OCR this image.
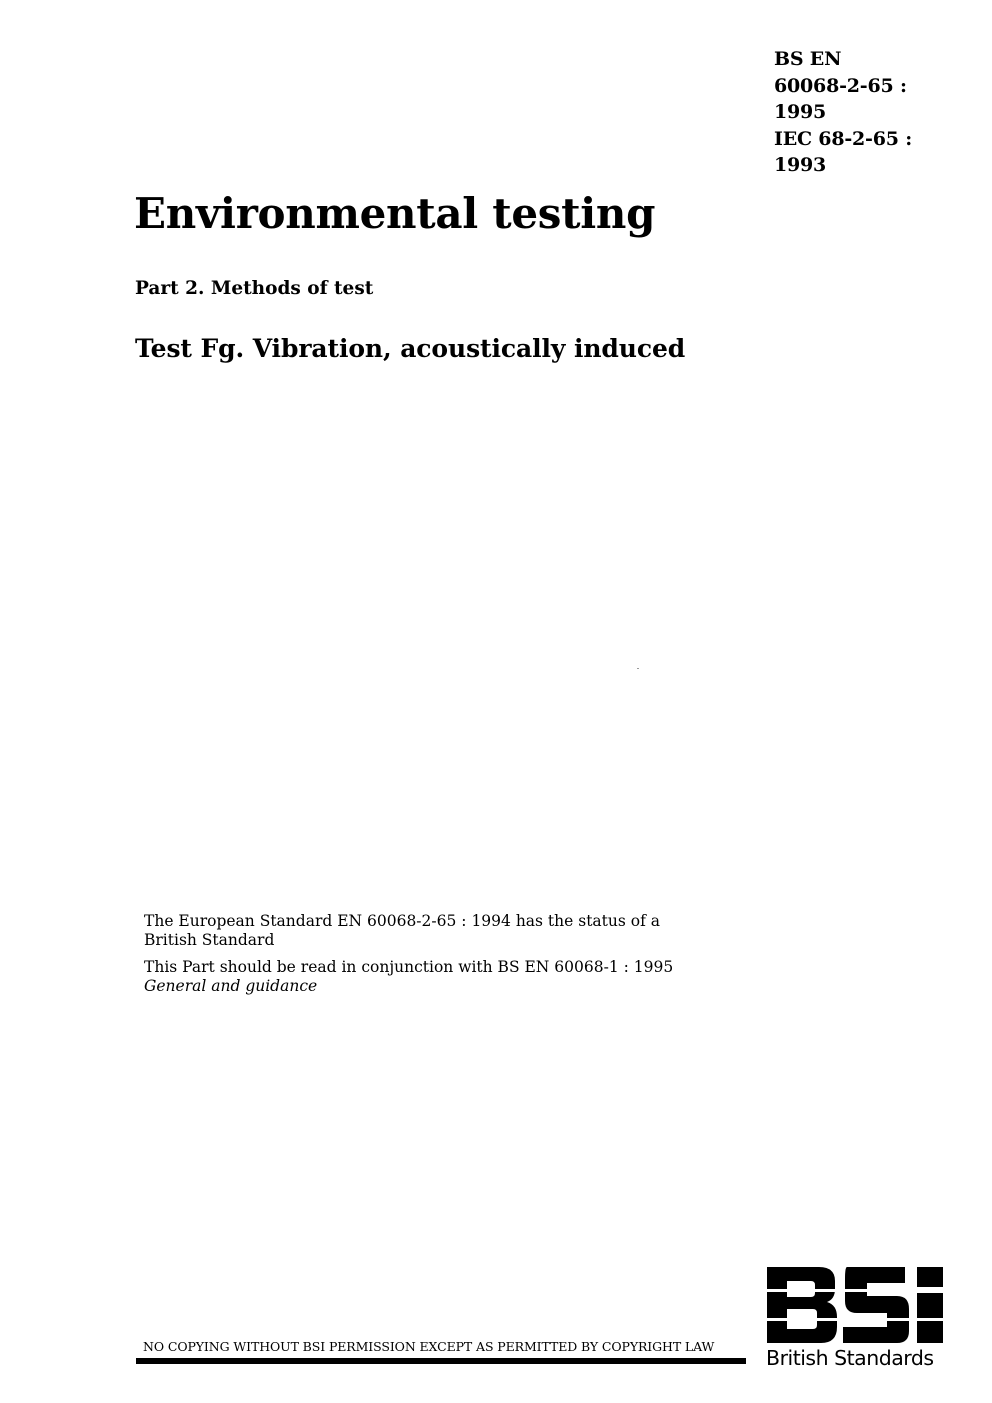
BS EN
60068-2-65 :
1995
IEC 68-2-65 :
1993
Environmental testing
Part 2. Methods of test
Test Fg. Vibration, acoustically induced

The European Standard EN 60068-2-65 : 1994 has the status of a British Standard

This Part should be read in conjunction with BS EN 60068-1 : 1995
General and guidance

NO COPYING WITHOUT BSI PERMISSION EXCEPT AS PERMITTED BY COPYRIGHT LAW	British Standards
